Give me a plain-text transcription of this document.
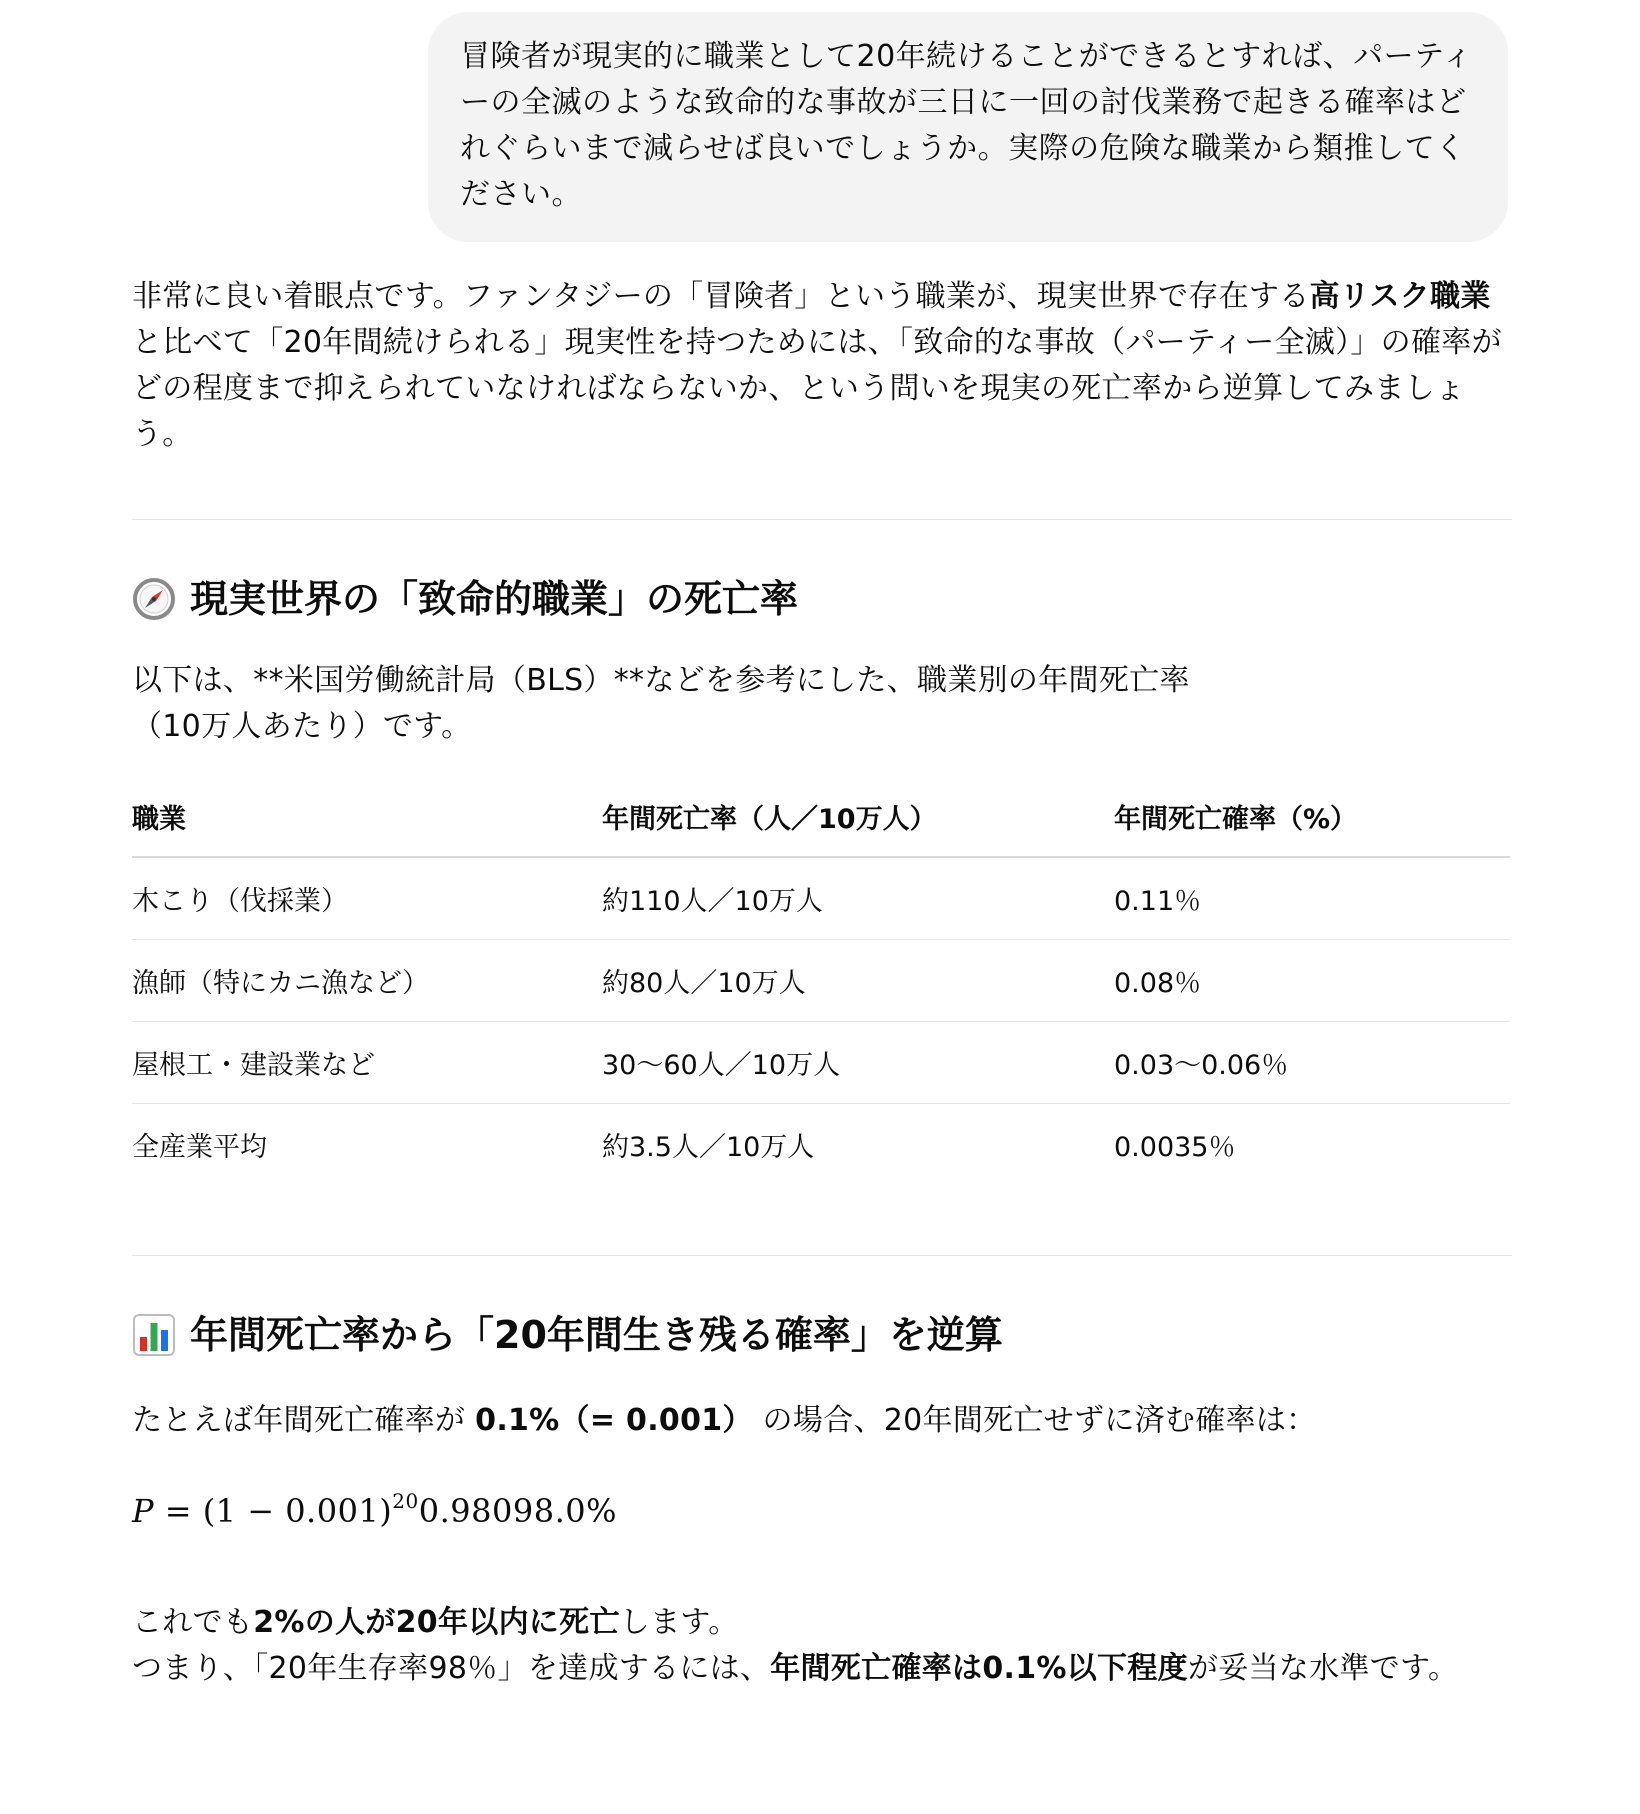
冒険者が現実的に職業として20年続けることができるとすれば、パーティーの全滅のような致命的な事故が三日に一回の討伐業務で起きる確率はどれぐらいまで減らせば良いでしょうか。実際の危険な職業から類推してください。

非常に良い着眼点です。ファンタジーの「冒険者」という職業が、現実世界で存在する高リスク職業と比べて「20年間続けられる」現実性を持つためには、「致命的な事故（パーティー全滅）」の確率がどの程度まで抑えられていなければならないか、という問いを現実の死亡率から逆算してみましょう。

現実世界の「致命的職業」の死亡率

以下は、**米国労働統計局（BLS）**などを参考にした、職業別の年間死亡率（10万人あたり）です。

職業	年間死亡率（人／10万人）	年間死亡確率（%）
木こり（伐採業）	約110人／10万人	0.11％
漁師（特にカニ漁など）	約80人／10万人	0.08％
屋根工・建設業など	30〜60人／10万人	0.03〜0.06％
全産業平均	約3.5人／10万人	0.0035％
年間死亡率から「20年間生き残る確率」を逆算

たとえば年間死亡確率が 0.1%（= 0.001） の場合、20年間死亡せずに済む確率は：

$P = (1 - 0.001)^{20}0.98098.0\%$

これでも2%の人が20年以内に死亡します。
つまり、「20年生存率98％」を達成するには、年間死亡確率は0.1%以下程度が妥当な水準です。
